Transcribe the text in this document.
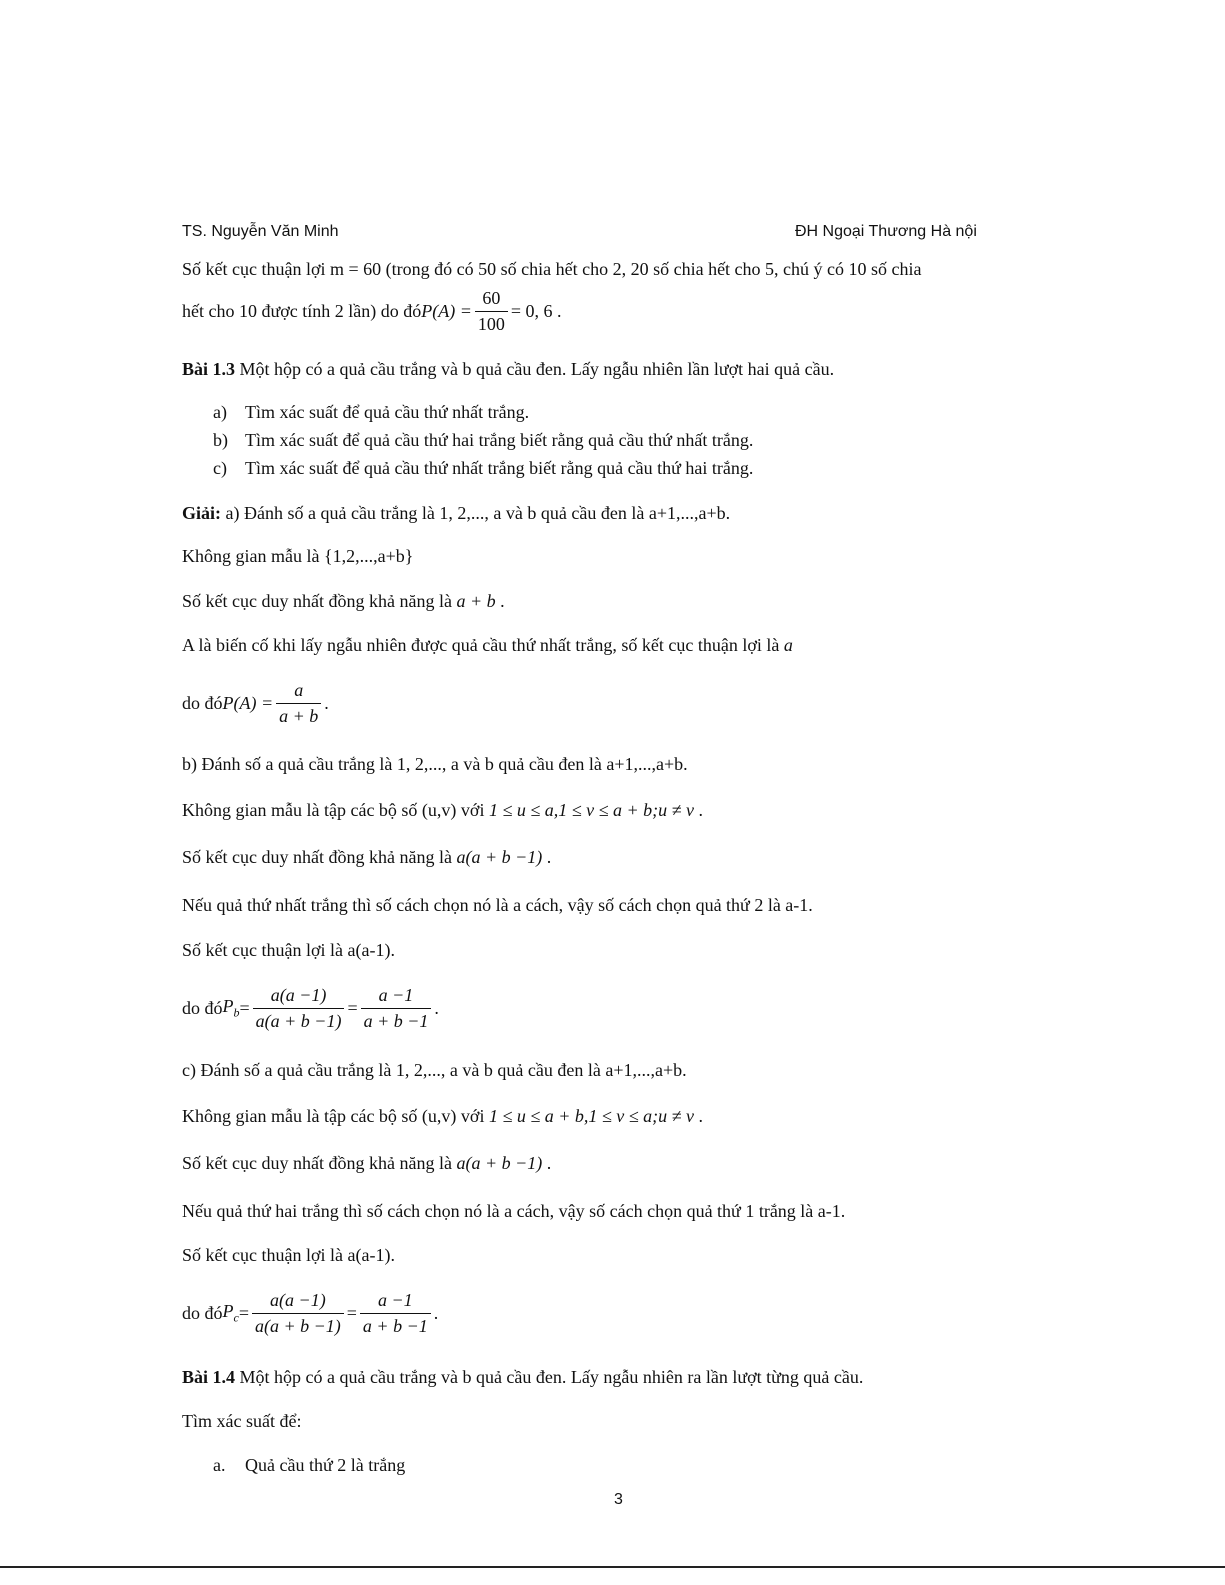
TS. Nguyễn Văn Minh	ĐH Ngoại Thương Hà nội
Số kết cục thuận lợi m = 60 (trong đó có 50 số chia hết cho 2, 20 số chia hết cho 5, chú ý có 10 số chia
hết cho 10 được tính 2 lần) do đó $P(A) = \frac{60}{100} = 0$, 6 .
Bài 1.3 Một hộp có a quả cầu trắng và b quả cầu đen. Lấy ngẫu nhiên lần lượt hai quả cầu.
a) Tìm xác suất để quả cầu thứ nhất trắng.
b) Tìm xác suất để quả cầu thứ hai trắng biết rằng quả cầu thứ nhất trắng.
c) Tìm xác suất để quả cầu thứ nhất trắng biết rằng quả cầu thứ hai trắng.
Giải: a) Đánh số a quả cầu trắng là 1, 2,..., a và b quả cầu đen là a+1,...,a+b.
Không gian mẫu là {1,2,...,a+b}
Số kết cục duy nhất đồng khả năng là a + b .
A là biến cố khi lấy ngẫu nhiên được quả cầu thứ nhất trắng, số kết cục thuận lợi là a
do đó $P(A) = \frac{a}{a + b}$ .
b) Đánh số a quả cầu trắng là 1, 2,..., a và b quả cầu đen là a+1,...,a+b.
Không gian mẫu là tập các bộ số (u,v) với 1 ≤ u ≤ a,1 ≤ v ≤ a + b;u ≠ v .
Số kết cục duy nhất đồng khả năng là a(a + b −1) .
Nếu quả thứ nhất trắng thì số cách chọn nó là a cách, vậy số cách chọn quả thứ 2 là a-1.
Số kết cục thuận lợi là a(a-1).
do đó $P_b = \frac{a(a -1)}{a(a + b -1)} = \frac{a -1}{a + b -1}$ .
c) Đánh số a quả cầu trắng là 1, 2,..., a và b quả cầu đen là a+1,...,a+b.
Không gian mẫu là tập các bộ số (u,v) với 1 ≤ u ≤ a + b,1 ≤ v ≤ a;u ≠ v .
Số kết cục duy nhất đồng khả năng là a(a + b −1) .
Nếu quả thứ hai trắng thì số cách chọn nó là a cách, vậy số cách chọn quả thứ 1 trắng là a-1.
Số kết cục thuận lợi là a(a-1).
do đó $P_c = \frac{a(a -1)}{a(a + b -1)} = \frac{a -1}{a + b -1}$ .
Bài 1.4 Một hộp có a quả cầu trắng và b quả cầu đen. Lấy ngẫu nhiên ra lần lượt từng quả cầu.
Tìm xác suất để:
a. Quả cầu thứ 2 là trắng
3
